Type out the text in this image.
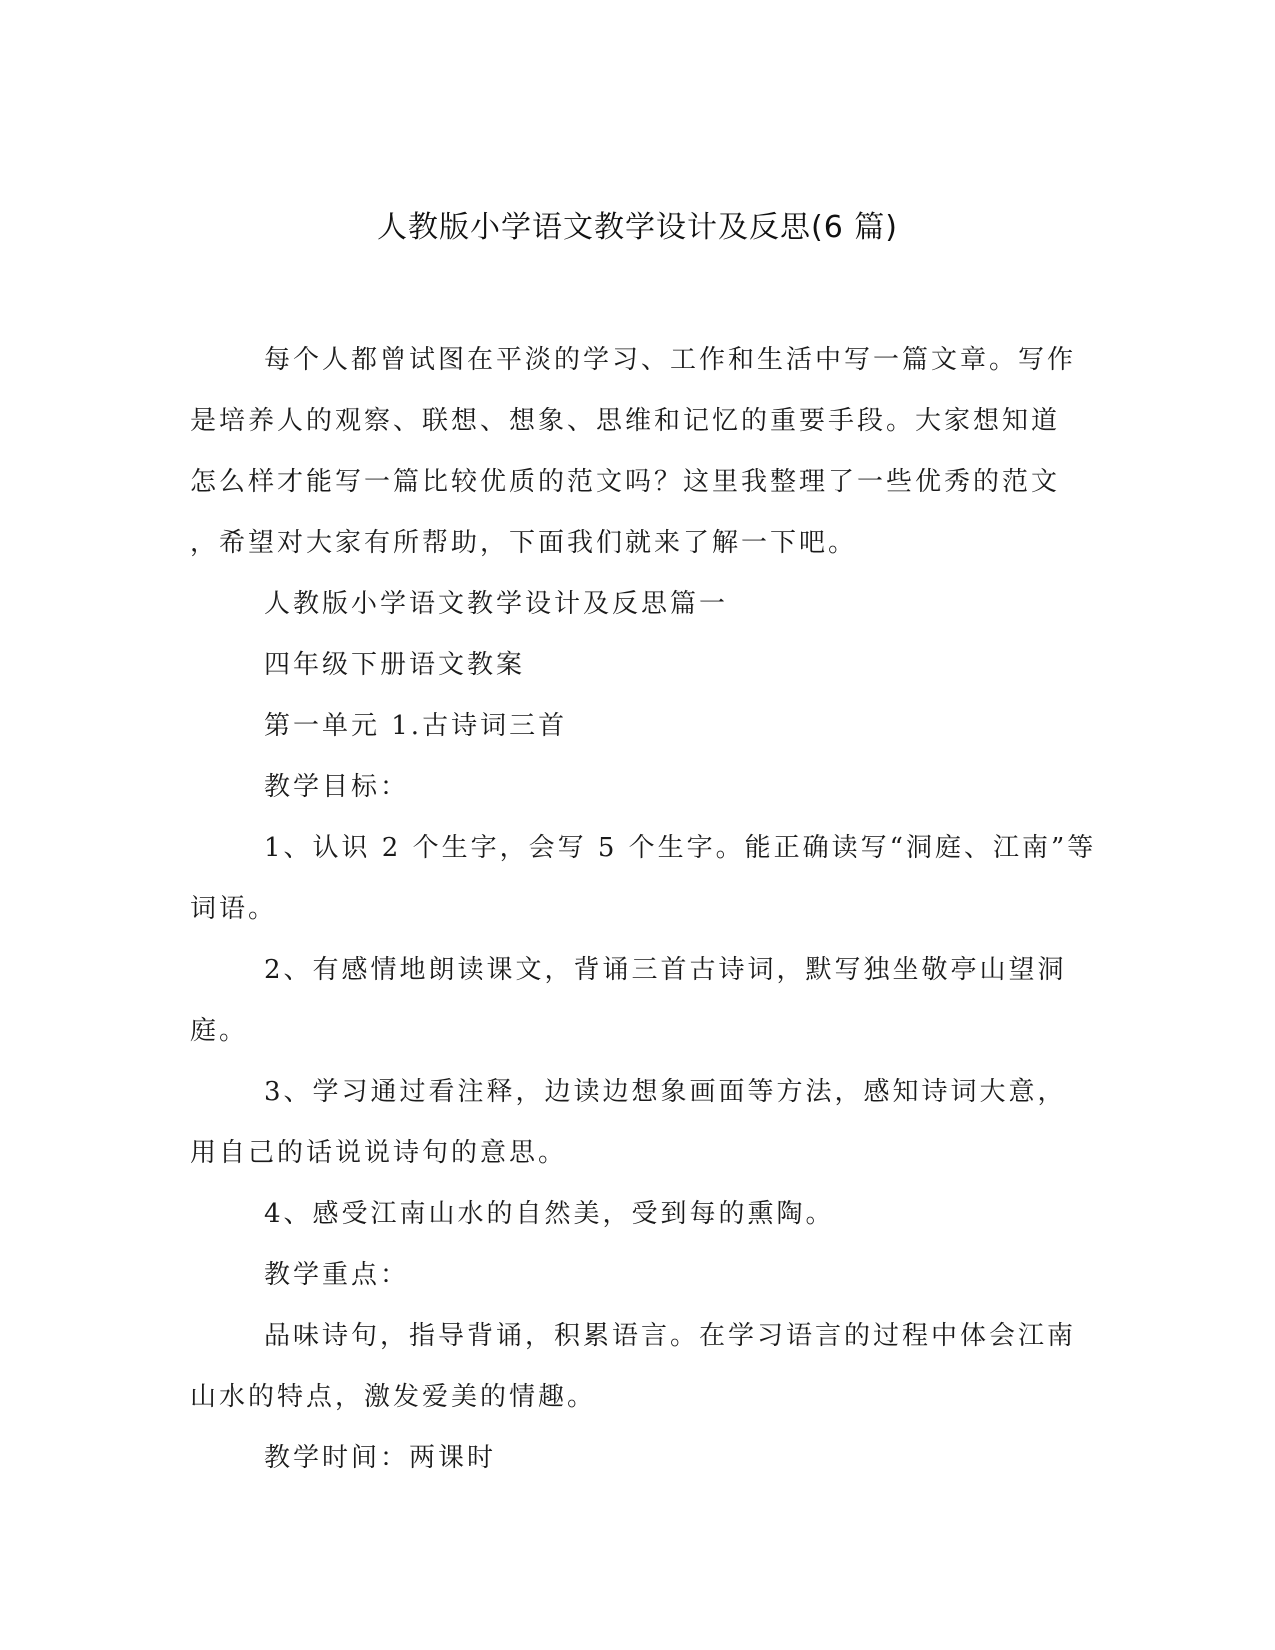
人教版小学语文教学设计及反思(6 篇)

每个人都曾试图在平淡的学习、工作和生活中写一篇文章。写作

是培养人的观察、联想、想象、思维和记忆的重要手段。大家想知道

怎么样才能写一篇比较优质的范文吗？这里我整理了一些优秀的范文

，希望对大家有所帮助，下面我们就来了解一下吧。

人教版小学语文教学设计及反思篇一

四年级下册语文教案

第一单元 1.古诗词三首

教学目标：

1、认识 2 个生字，会写 5 个生字。能正确读写“洞庭、江南”等

词语。

2、有感情地朗读课文，背诵三首古诗词，默写独坐敬亭山望洞

庭。

3、学习通过看注释，边读边想象画面等方法，感知诗词大意，

用自己的话说说诗句的意思。

4、感受江南山水的自然美，受到每的熏陶。

教学重点：

品味诗句，指导背诵，积累语言。在学习语言的过程中体会江南

山水的特点，激发爱美的情趣。

教学时间：两课时
